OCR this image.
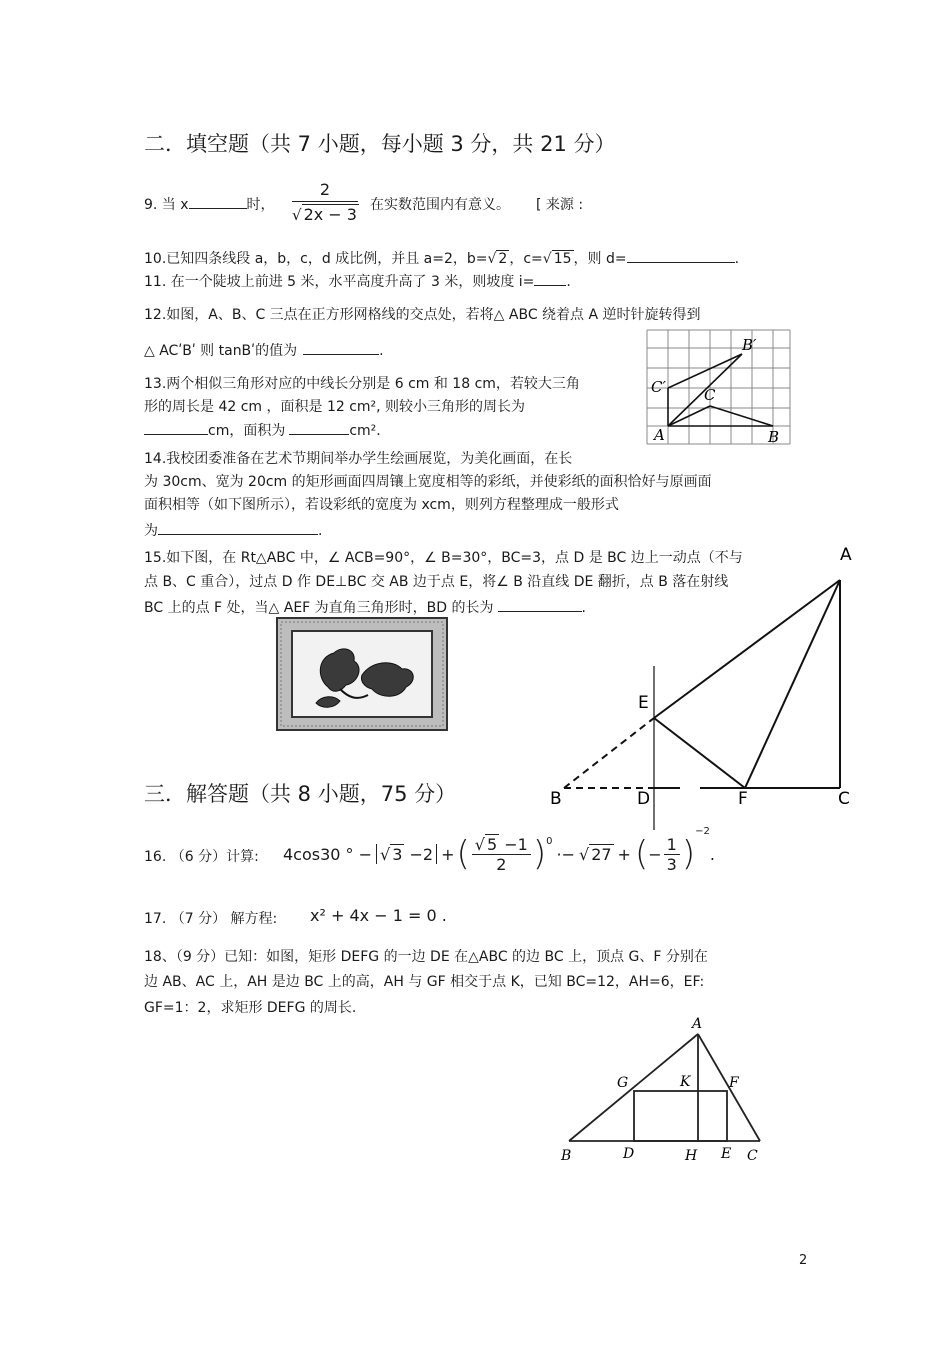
二．填空题（共 7 小题，每小题 3 分，共 21 分）
9. 当 x	时，
2
√ 2x − 3 在实数范围内有意义。 [ 来源 :
10.已知四条线段 a，b，c，d 成比例，并且 a=2，b=√ 2 ，c=√ 15 ，则 d=	.
11. 在一个陡坡上前进 5 米，水平高度升高了 3 米，则坡度 i= .
12.如图，A、B、C 三点在正方形网格线的交点处，若将△ ABC 绕着点 A 逆时针旋转得到
△ ACʹBʹ 则 tanBʹ的值为	.
13.两个相似三角形对应的中线长分别是 6 cm 和 18 cm，若较大三角
形的周长是 42 cm ，面积是 12 cm², 则较小三角形的周长为
cm，面积为	cm².
14.我校团委准备在艺术节期间举办学生绘画展览，为美化画面，在长
为 30cm、宽为 20cm 的矩形画面四周镶上宽度相等的彩纸，并使彩纸的面积恰好与原画面
面积相等（如下图所示），若设彩纸的宽度为 xcm，则列方程整理成一般形式
为	.
15.如下图，在 Rt△ABC 中，∠ ACB=90°，∠ B=30°，BC=3，点 D 是 BC 边上一动点（不与
点 B、C 重合），过点 D 作 DE⊥BC 交 AB 边于点 E，将∠ B 沿直线 DE 翻折，点 B 落在射线
BC 上的点 F 处，当△ AEF 为直角三角形时，BD 的长为	.
A	B
C
B′
C′
A
B	C
D
E
F
三．解答题（共 8 小题，75 分）
16. （6 分）计算: 4cos30 ° − √ 3 −2 + ( $\frac{√ 5 -1}{2} )^0$
·− √ 27 + ( − $\frac{1}{3}$ )
$^{-2}$
.
17. （7 分） 解方程: x² + 4x − 1 = 0 .
18、（9 分）已知：如图，矩形 DEFG 的一边 DE 在△ABC 的边 BC 上，顶点 G、F 分别在
边 AB、AC 上，AH 是边 BC 上的高，AH 与 GF 相交于点 K，已知 BC=12，AH=6，EF:
GF=1：2，求矩形 DEFG 的周长.
A
B	C
D	E
F
G
H
K
2
